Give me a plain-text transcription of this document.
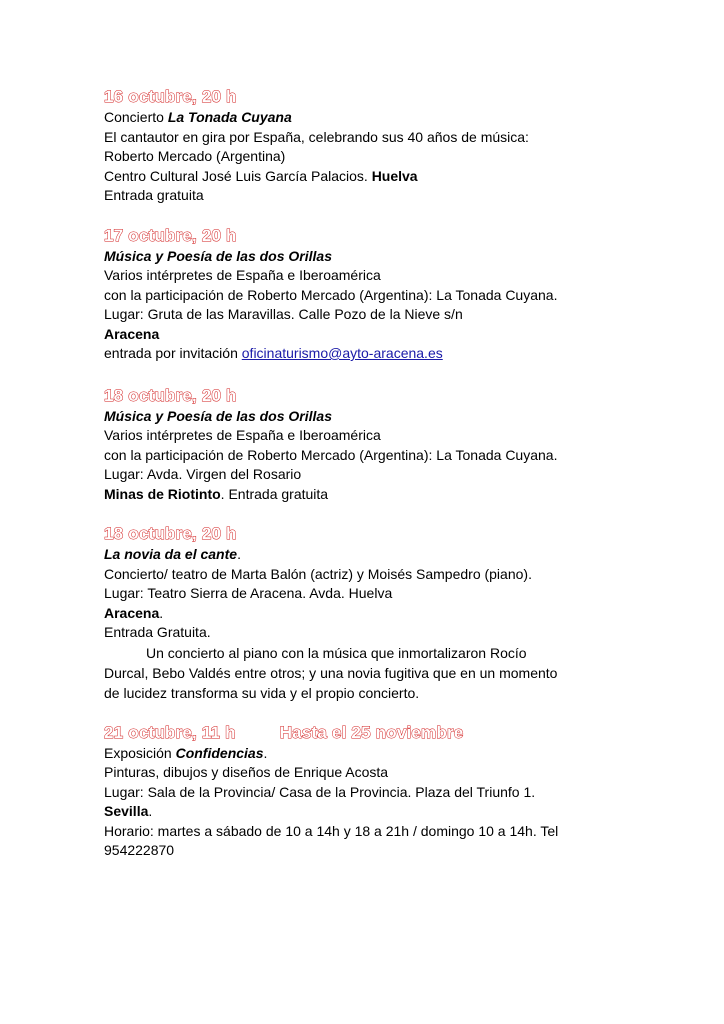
16 octubre, 20 h
Concierto La Tonada Cuyana
El cantautor en gira por España, celebrando sus 40 años de música:
Roberto Mercado (Argentina)
Centro Cultural José Luis García Palacios. Huelva
Entrada gratuita
17 octubre, 20 h
Música y Poesía de las dos Orillas
Varios intérpretes de España e Iberoamérica
con la participación de Roberto Mercado (Argentina): La Tonada Cuyana.
Lugar: Gruta de las Maravillas. Calle Pozo de la Nieve s/n
Aracena
entrada por invitación oficinaturismo@ayto-aracena.es
18 octubre, 20 h
Música y Poesía de las dos Orillas
Varios intérpretes de España e Iberoamérica
con la participación de Roberto Mercado (Argentina): La Tonada Cuyana.
Lugar: Avda. Virgen del Rosario
Minas de Riotinto. Entrada gratuita
18 octubre, 20 h
La novia da el cante.
Concierto/ teatro de Marta Balón (actriz) y Moisés Sampedro (piano).
Lugar: Teatro Sierra de Aracena. Avda. Huelva
Aracena.
Entrada Gratuita.
Un concierto al piano con la música que inmortalizaron Rocío Durcal, Bebo Valdés entre otros; y una novia fugitiva que en un momento de lucidez transforma su vida y el propio concierto.
21 octubre, 11 h	Hasta el 25 noviembre
Exposición Confidencias.
Pinturas, dibujos y diseños de Enrique Acosta
Lugar: Sala de la Provincia/ Casa de la Provincia. Plaza del Triunfo 1.
Sevilla.
Horario: martes a sábado de 10 a 14h y 18 a 21h / domingo 10 a 14h. Tel
954222870
